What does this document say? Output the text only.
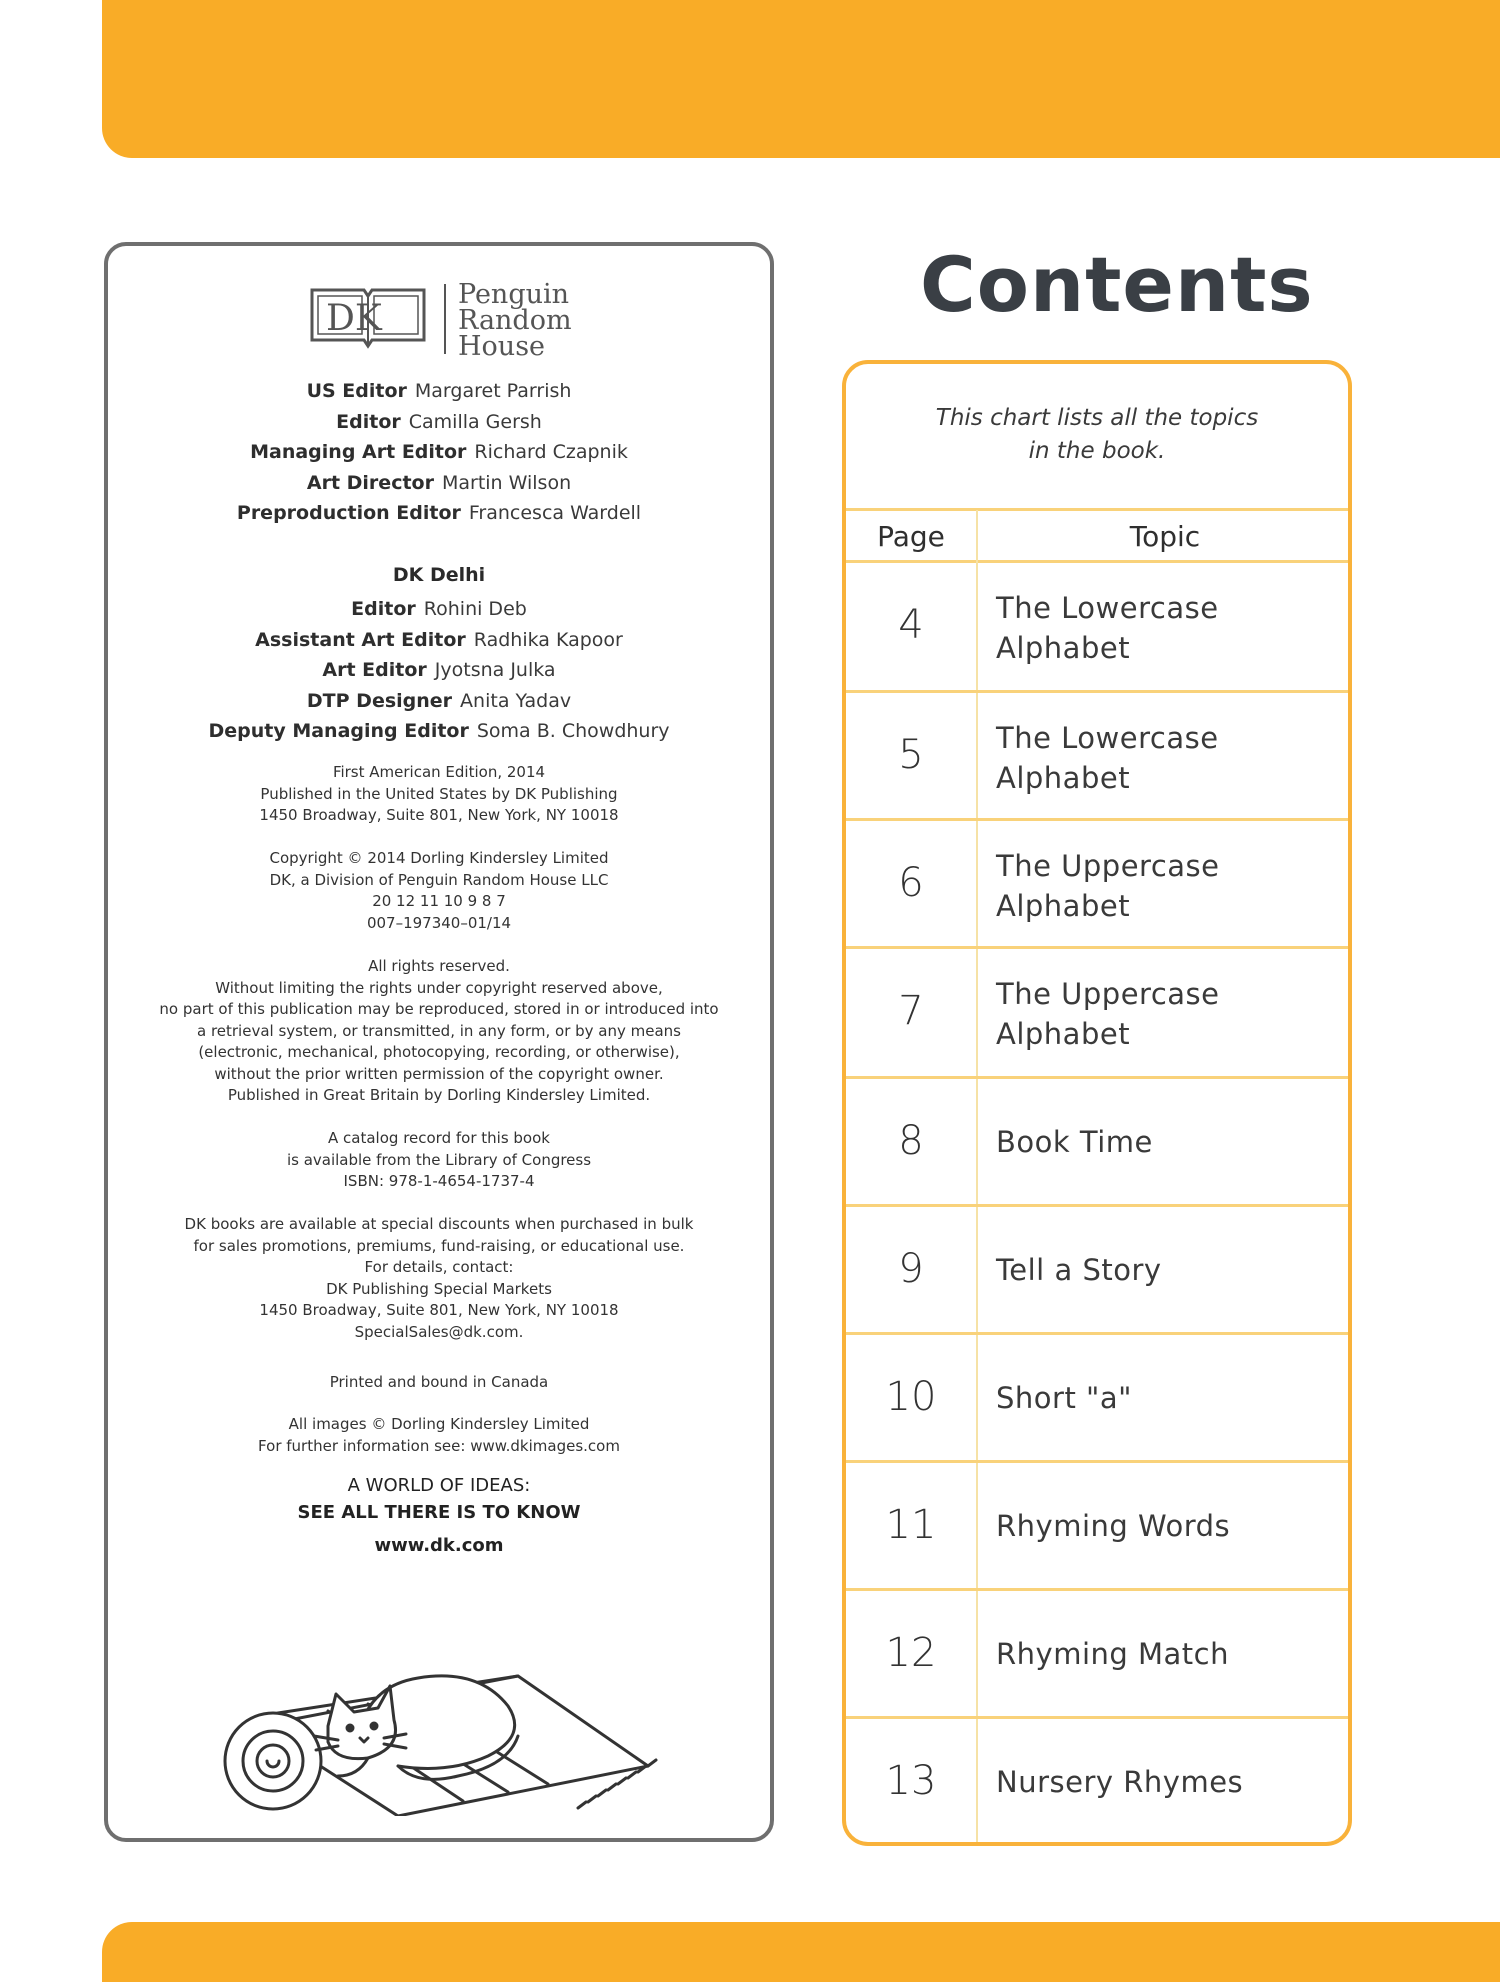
DK
Penguin
Random
House
US Editor Margaret Parrish
Editor Camilla Gersh
Managing Art Editor Richard Czapnik
Art Director Martin Wilson
Preproduction Editor Francesca Wardell
DK Delhi
Editor Rohini Deb
Assistant Art Editor Radhika Kapoor
Art Editor Jyotsna Julka
DTP Designer Anita Yadav
Deputy Managing Editor Soma B. Chowdhury
First American Edition, 2014
Published in the United States by DK Publishing
1450 Broadway, Suite 801, New York, NY 10018
Copyright © 2014 Dorling Kindersley Limited
DK, a Division of Penguin Random House LLC
20 12 11 10 9 8 7
007–197340–01/14
All rights reserved.
Without limiting the rights under copyright reserved above,
no part of this publication may be reproduced, stored in or introduced into
a retrieval system, or transmitted, in any form, or by any means
(electronic, mechanical, photocopying, recording, or otherwise),
without the prior written permission of the copyright owner.
Published in Great Britain by Dorling Kindersley Limited.
A catalog record for this book
is available from the Library of Congress
ISBN: 978-1-4654-1737-4
DK books are available at special discounts when purchased in bulk
for sales promotions, premiums, fund-raising, or educational use.
For details, contact:
DK Publishing Special Markets
1450 Broadway, Suite 801, New York, NY 10018
SpecialSales@dk.com.
Printed and bound in Canada
All images © Dorling Kindersley Limited
For further information see: www.dkimages.com
A WORLD OF IDEAS:
SEE ALL THERE IS TO KNOW
www.dk.com
Contents
This chart lists all the topics
in the book.
Page	Topic
4	The Lowercase
Alphabet
5	The Lowercase
Alphabet
6	The Uppercase
Alphabet
7	The Uppercase
Alphabet
8	Book Time
9	Tell a Story
10	Short "a"
11	Rhyming Words
12	Rhyming Match
13	Nursery Rhymes
